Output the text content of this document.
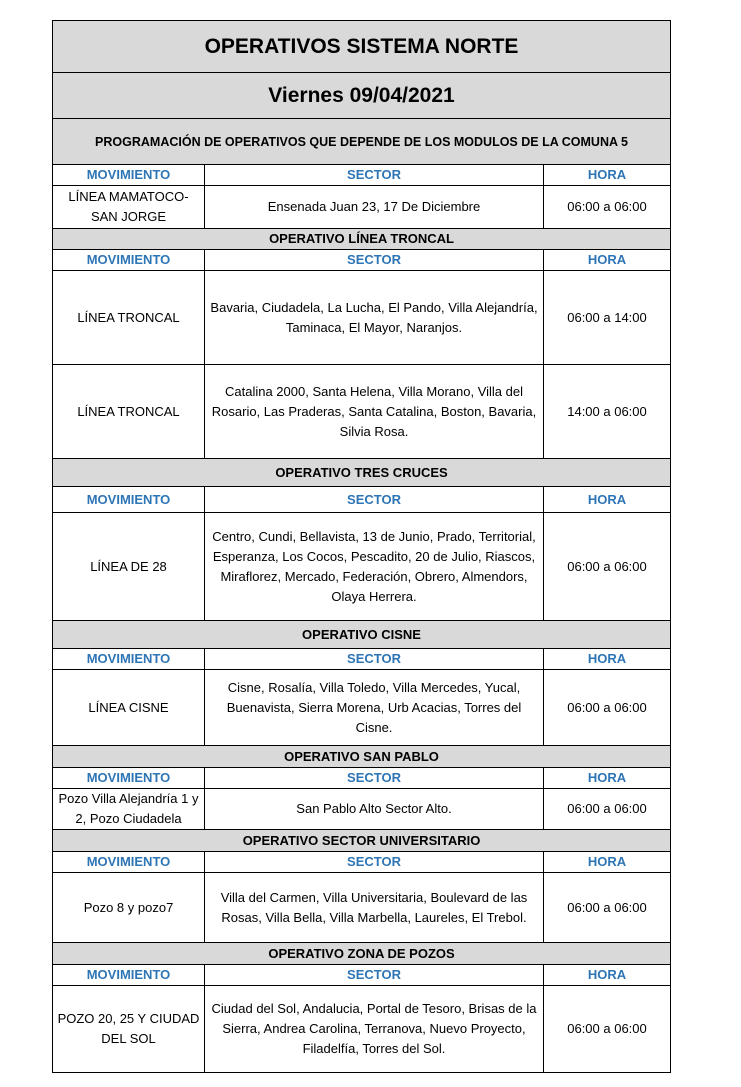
OPERATIVOS SISTEMA NORTE		
Viernes 09/04/2021		
PROGRAMACIÓN DE OPERATIVOS QUE DEPENDE DE LOS MODULOS DE LA COMUNA 5		
MOVIMIENTO	SECTOR	HORA
LÍNEA MAMATOCO-SAN JORGE	Ensenada Juan 23, 17 De Diciembre	06:00 a 06:00
OPERATIVO LÍNEA TRONCAL		
MOVIMIENTO	SECTOR	HORA
LÍNEA TRONCAL	Bavaria, Ciudadela, La Lucha, El Pando, Villa Alejandría, Taminaca, El Mayor, Naranjos.	06:00 a 14:00
LÍNEA TRONCAL	Catalina 2000, Santa Helena, Villa Morano, Villa del Rosario, Las Praderas, Santa Catalina, Boston, Bavaria, Silvia Rosa.	14:00 a 06:00
OPERATIVO TRES CRUCES		
MOVIMIENTO	SECTOR	HORA
LÍNEA DE 28	Centro, Cundi, Bellavista, 13 de Junio, Prado, Territorial, Esperanza, Los Cocos, Pescadito, 20 de Julio, Riascos, Miraflorez, Mercado, Federación, Obrero, Almendors, Olaya Herrera.	06:00 a 06:00
OPERATIVO CISNE		
MOVIMIENTO	SECTOR	HORA
LÍNEA CISNE	Cisne, Rosalía, Villa Toledo, Villa Mercedes, Yucal, Buenavista, Sierra Morena, Urb Acacias, Torres del Cisne.	06:00 a 06:00
OPERATIVO SAN PABLO		
MOVIMIENTO	SECTOR	HORA
Pozo Villa Alejandría 1 y 2, Pozo Ciudadela	San Pablo Alto Sector Alto.	06:00 a 06:00
OPERATIVO SECTOR UNIVERSITARIO		
MOVIMIENTO	SECTOR	HORA
Pozo 8 y pozo7	Villa del Carmen, Villa Universitaria, Boulevard de las Rosas, Villa Bella, Villa Marbella, Laureles, El Trebol.	06:00 a 06:00
OPERATIVO ZONA DE POZOS		
MOVIMIENTO	SECTOR	HORA
POZO 20, 25 Y CIUDAD DEL SOL	Ciudad del Sol, Andalucia, Portal de Tesoro, Brisas de la Sierra, Andrea Carolina, Terranova, Nuevo Proyecto, Filadelfía, Torres del Sol.	06:00 a 06:00
